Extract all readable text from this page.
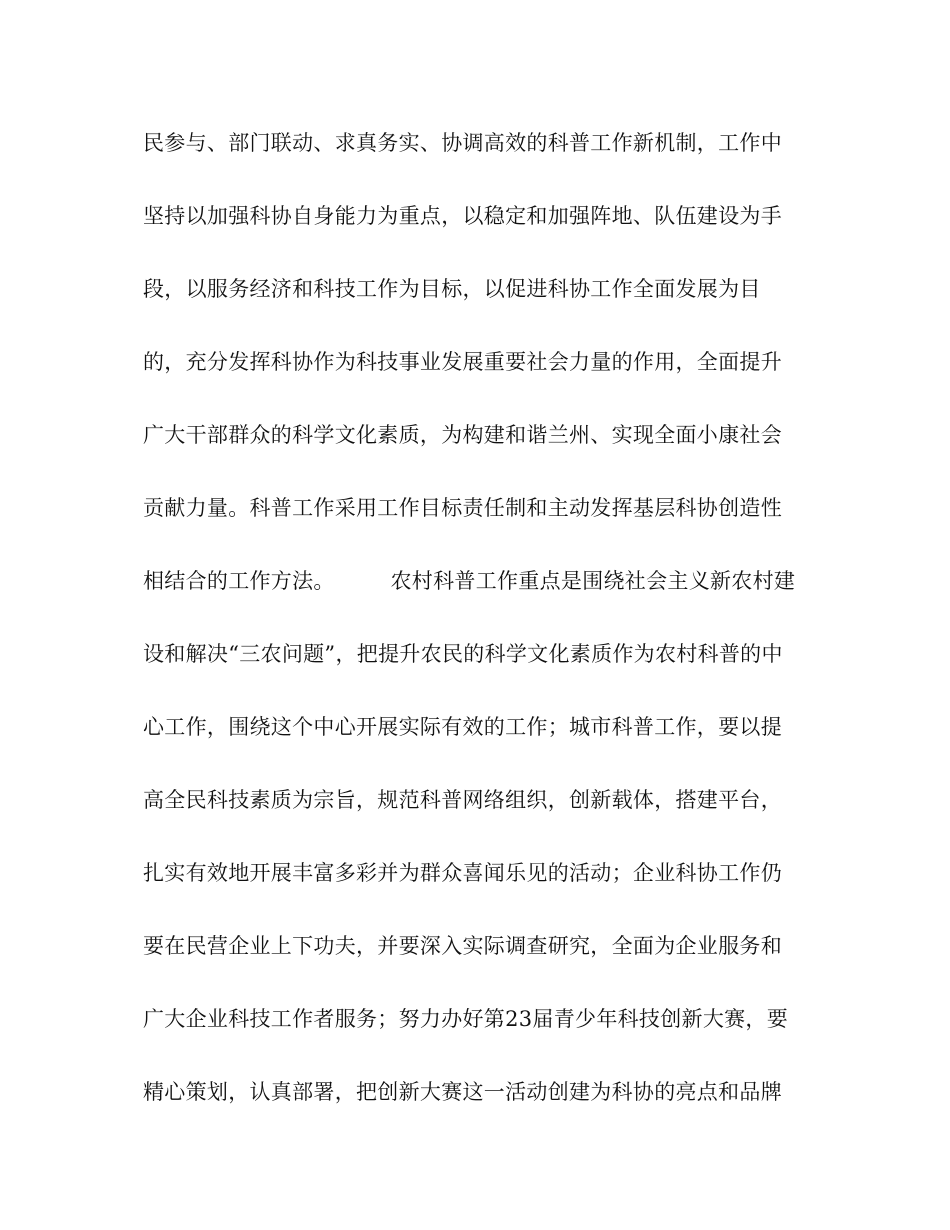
民参与、部门联动、求真务实、协调高效的科普工作新机制，工作中
坚持以加强科协自身能力为重点，以稳定和加强阵地、队伍建设为手
段，以服务经济和科技工作为目标，以促进科协工作全面发展为目
的，充分发挥科协作为科技事业发展重要社会力量的作用，全面提升
广大干部群众的科学文化素质，为构建和谐兰州、实现全面小康社会
贡献力量。科普工作采用工作目标责任制和主动发挥基层科协创造性
相结合的工作方法。        农村科普工作重点是围绕社会主义新农村建
设和解决“三农问题”，把提升农民的科学文化素质作为农村科普的中
心工作，围绕这个中心开展实际有效的工作；城市科普工作，要以提
高全民科技素质为宗旨，规范科普网络组织，创新载体，搭建平台，
扎实有效地开展丰富多彩并为群众喜闻乐见的活动；企业科协工作仍
要在民营企业上下功夫，并要深入实际调查研究，全面为企业服务和
广大企业科技工作者服务；努力办好第23届青少年科技创新大赛，要
精心策划，认真部署，把创新大赛这一活动创建为科协的亮点和品牌
